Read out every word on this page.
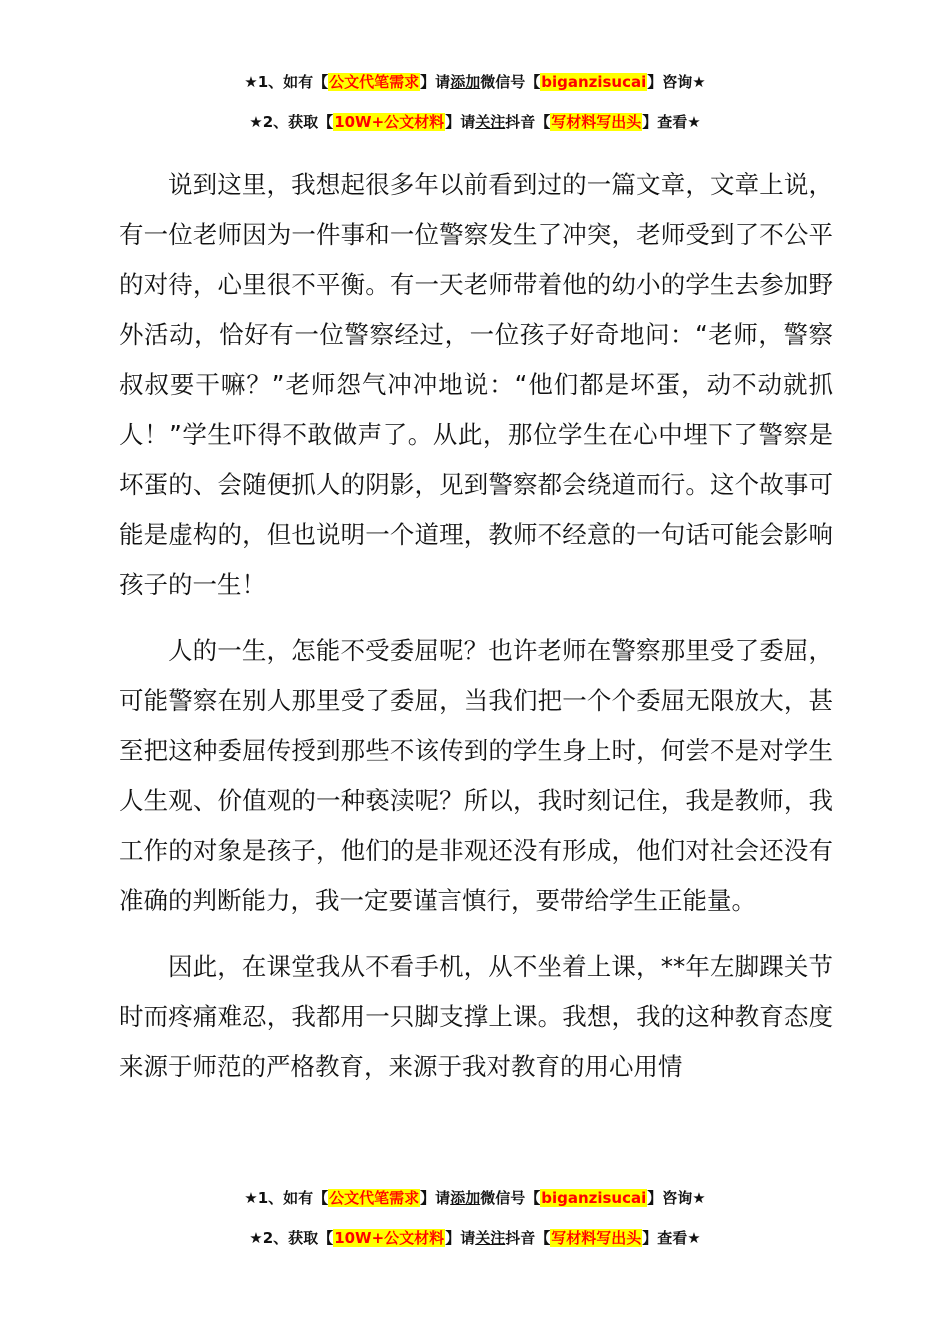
★1、如有【公文代笔需求】请添加微信号【biganzisucai】咨询★
★2、获取【10W+公文材料】请关注抖音【写材料写出头】查看★

说到这里，我想起很多年以前看到过的一篇文章，文章上说，有一位老师因为一件事和一位警察发生了冲突，老师受到了不公平的对待，心里很不平衡。有一天老师带着他的幼小的学生去参加野外活动，恰好有一位警察经过，一位孩子好奇地问：“老师，警察叔叔要干嘛？”老师怨气冲冲地说：“他们都是坏蛋，动不动就抓人！”学生吓得不敢做声了。从此，那位学生在心中埋下了警察是坏蛋的、会随便抓人的阴影，见到警察都会绕道而行。这个故事可能是虚构的，但也说明一个道理，教师不经意的一句话可能会影响孩子的一生！

人的一生，怎能不受委屈呢？也许老师在警察那里受了委屈，可能警察在别人那里受了委屈，当我们把一个个委屈无限放大，甚至把这种委屈传授到那些不该传到的学生身上时，何尝不是对学生人生观、价值观的一种亵渎呢？所以，我时刻记住，我是教师，我工作的对象是孩子，他们的是非观还没有形成，他们对社会还没有准确的判断能力，我一定要谨言慎行，要带给学生正能量。

因此，在课堂我从不看手机，从不坐着上课，**年左脚踝关节时而疼痛难忍，我都用一只脚支撑上课。我想，我的这种教育态度来源于师范的严格教育，来源于我对教育的用心用情

★1、如有【公文代笔需求】请添加微信号【biganzisucai】咨询★
★2、获取【10W+公文材料】请关注抖音【写材料写出头】查看★
